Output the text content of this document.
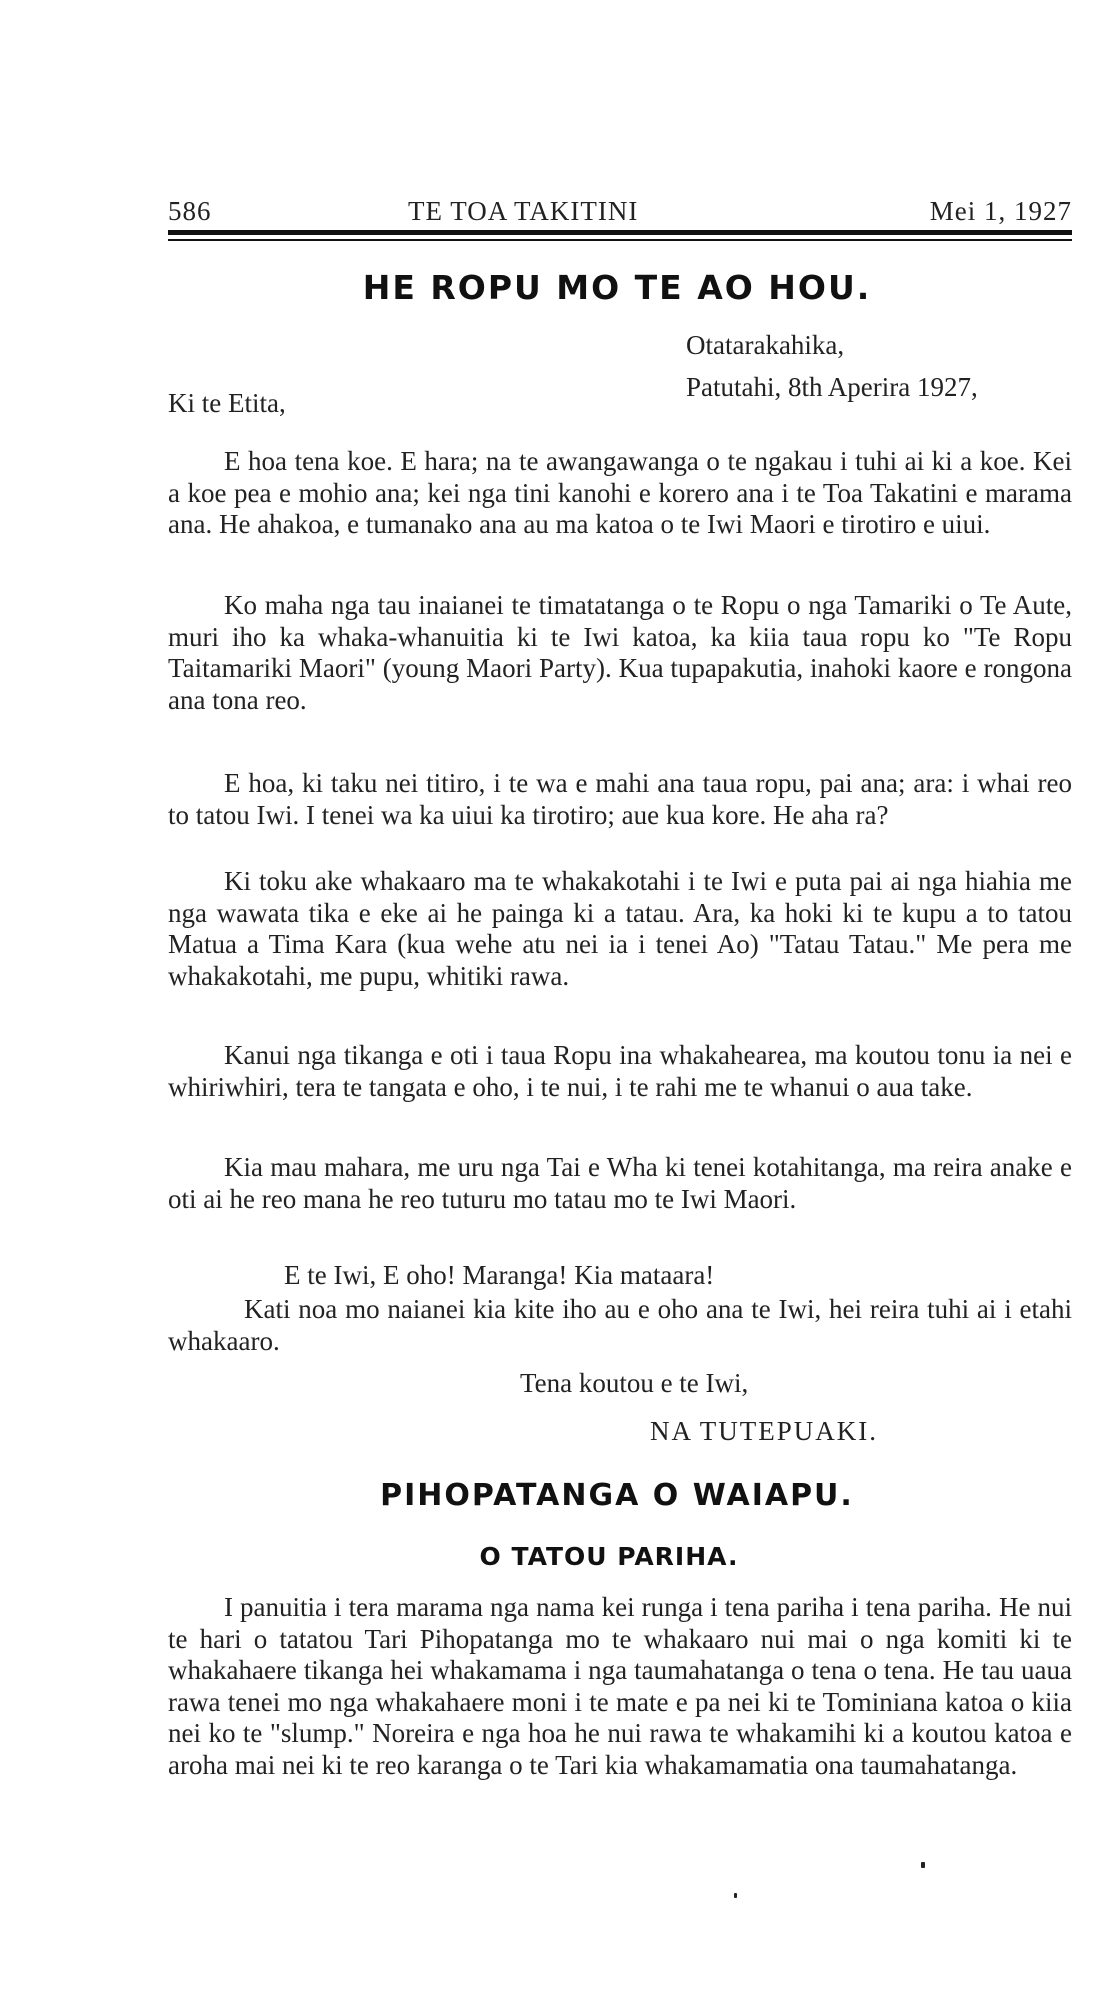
586	TE TOA TAKITINI	Mei 1, 1927
HE ROPU MO TE AO HOU.
Otatarakahika,
Patutahi, 8th Aperira 1927,
Ki te Etita,

E hoa tena koe. E hara; na te awangawanga o te ngakau i tuhi ai ki a koe. Kei a koe pea e mohio ana; kei nga tini kanohi e korero ana i te Toa Takatini e marama ana. He ahakoa, e tumanako ana au ma katoa o te Iwi Maori e tirotiro e uiui.

Ko maha nga tau inaianei te timatatanga o te Ropu o nga Tamariki o Te Aute, muri iho ka whaka-whanuitia ki te Iwi katoa, ka kiia taua ropu ko "Te Ropu Taitamariki Maori" (young Maori Party). Kua tupapakutia, inahoki kaore e rongona ana tona reo.

E hoa, ki taku nei titiro, i te wa e mahi ana taua ropu, pai ana; ara: i whai reo to tatou Iwi. I tenei wa ka uiui ka tirotiro; aue kua kore. He aha ra?

Ki toku ake whakaaro ma te whakakotahi i te Iwi e puta pai ai nga hiahia me nga wawata tika e eke ai he painga ki a tatau. Ara, ka hoki ki te kupu a to tatou Matua a Tima Kara (kua wehe atu nei ia i tenei Ao) "Tatau Tatau." Me pera me whakakotahi, me pupu, whitiki rawa.

Kanui nga tikanga e oti i taua Ropu ina whakahearea, ma koutou tonu ia nei e whiriwhiri, tera te tangata e oho, i te nui, i te rahi me te whanui o aua take.

Kia mau mahara, me uru nga Tai e Wha ki tenei kotahitanga, ma reira anake e oti ai he reo mana he reo tuturu mo tatau mo te Iwi Maori.

E te Iwi, E oho! Maranga! Kia mataara!

Kati noa mo naianei kia kite iho au e oho ana te Iwi, hei reira tuhi ai i etahi whakaaro.

Tena koutou e te Iwi,
NA TUTEPUAKI.
PIHOPATANGA O WAIAPU.
O TATOU PARIHA.

I panuitia i tera marama nga nama kei runga i tena pariha i tena pariha. He nui te hari o tatatou Tari Pihopatanga mo te whakaaro nui mai o nga komiti ki te whakahaere tikanga hei whakamama i nga taumahatanga o tena o tena. He tau uaua rawa tenei mo nga whakahaere moni i te mate e pa nei ki te Tominiana katoa o kiia nei ko te "slump." Noreira e nga hoa he nui rawa te whakamihi ki a koutou katoa e aroha mai nei ki te reo karanga o te Tari kia whakamamatia ona taumahatanga.
